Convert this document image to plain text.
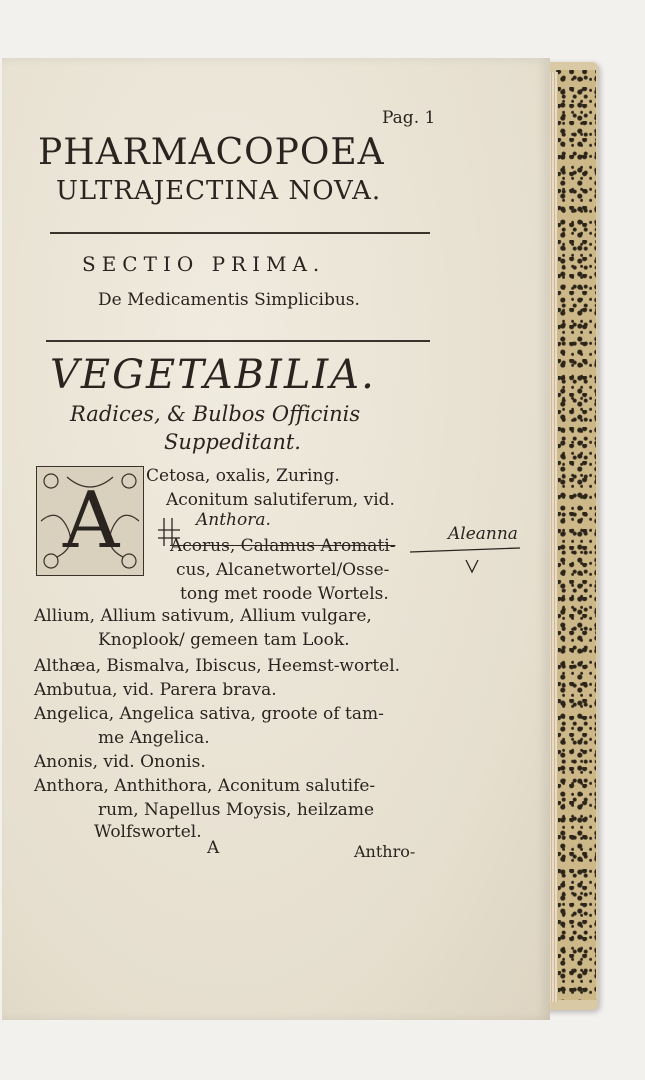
Pag. 1
PHARMACOPOEA
ULTRAJECTINA NOVA.
SECTIO PRIMA.
De Medicamentis Simplicibus.
VEGETABILIA.
Radices, & Bulbos Officinis
Suppeditant.
A Cetosa, oxalis, Zuring.
Aconitum salutiferum, vid.
Anthora.
Acorus, Calamus Aromati-
cus, Alcanetwortel/Osse-
tong met roode Wortels.
Allium, Allium sativum, Allium vulgare,
Knoplook/ gemeen tam Look.
Althæa, Bismalva, Ibiscus, Heemst-wortel.
Ambutua, vid. Parera brava.
Angelica, Angelica sativa, groote of tam-
me Angelica.
Anonis, vid. Ononis.
Anthora, Anthithora, Aconitum salutife-
rum, Napellus Moysis, heilzame
Wolfswortel.
Aleanna
A	Anthro-
